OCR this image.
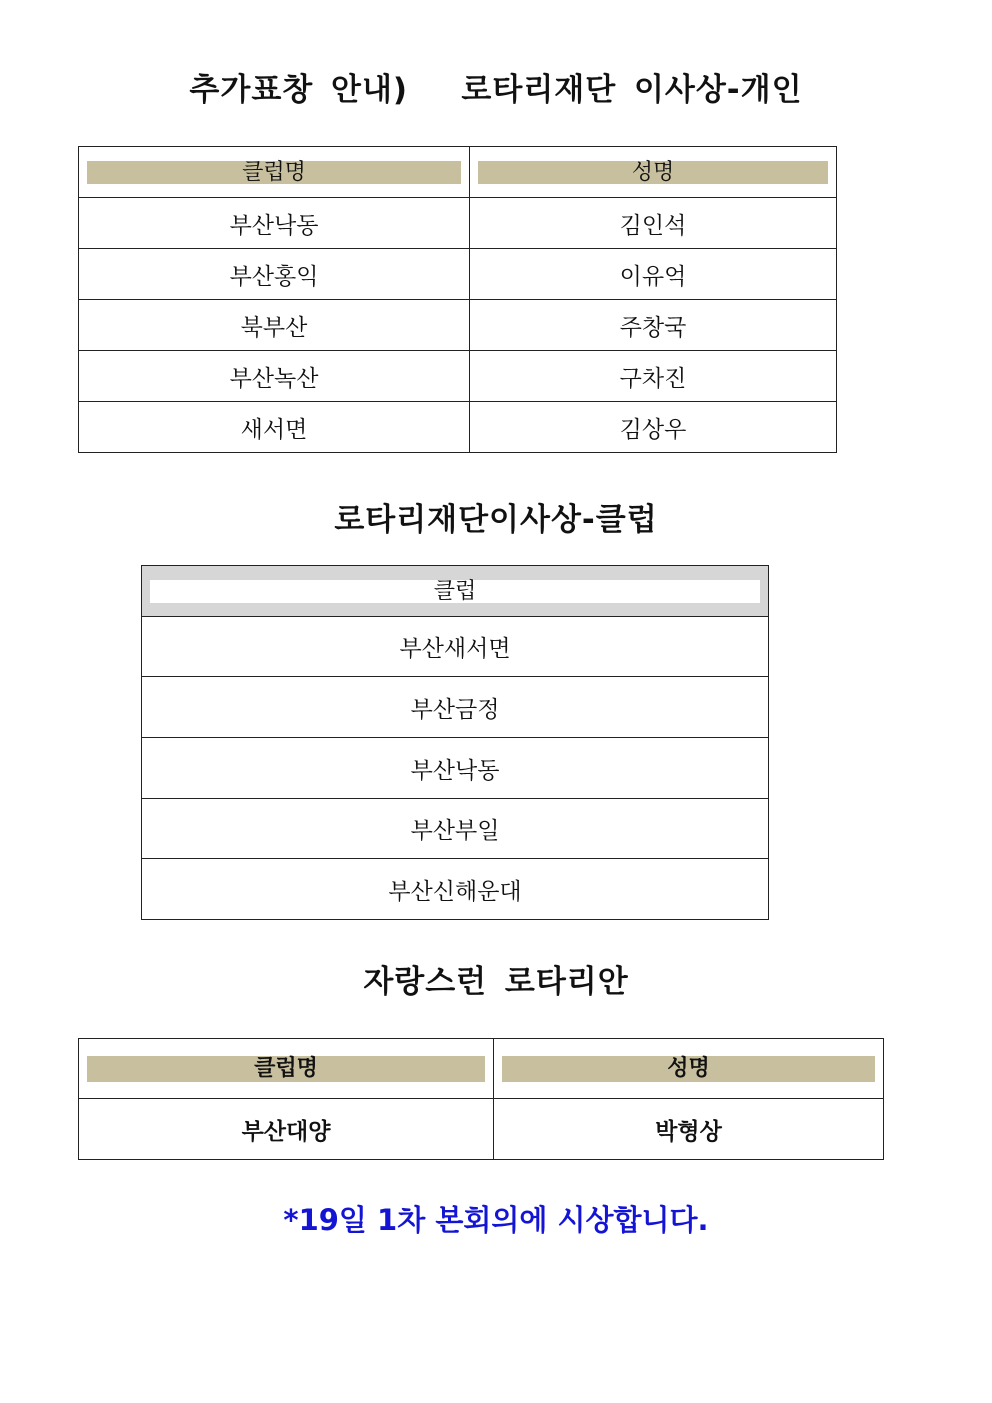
추가표창 안내)   로타리재단 이사상-개인
클럽명	성명

부산낙동	김인석
부산홍익	이유억
북부산	주창국
부산녹산	구차진
새서면	김상우
로타리재단이사상-클럽
클럽

부산새서면
부산금정
부산낙동
부산부일
부산신해운대
자랑스런 로타리안
클럽명	성명

부산대양	박형상
*19일 1차 본회의에 시상합니다.
